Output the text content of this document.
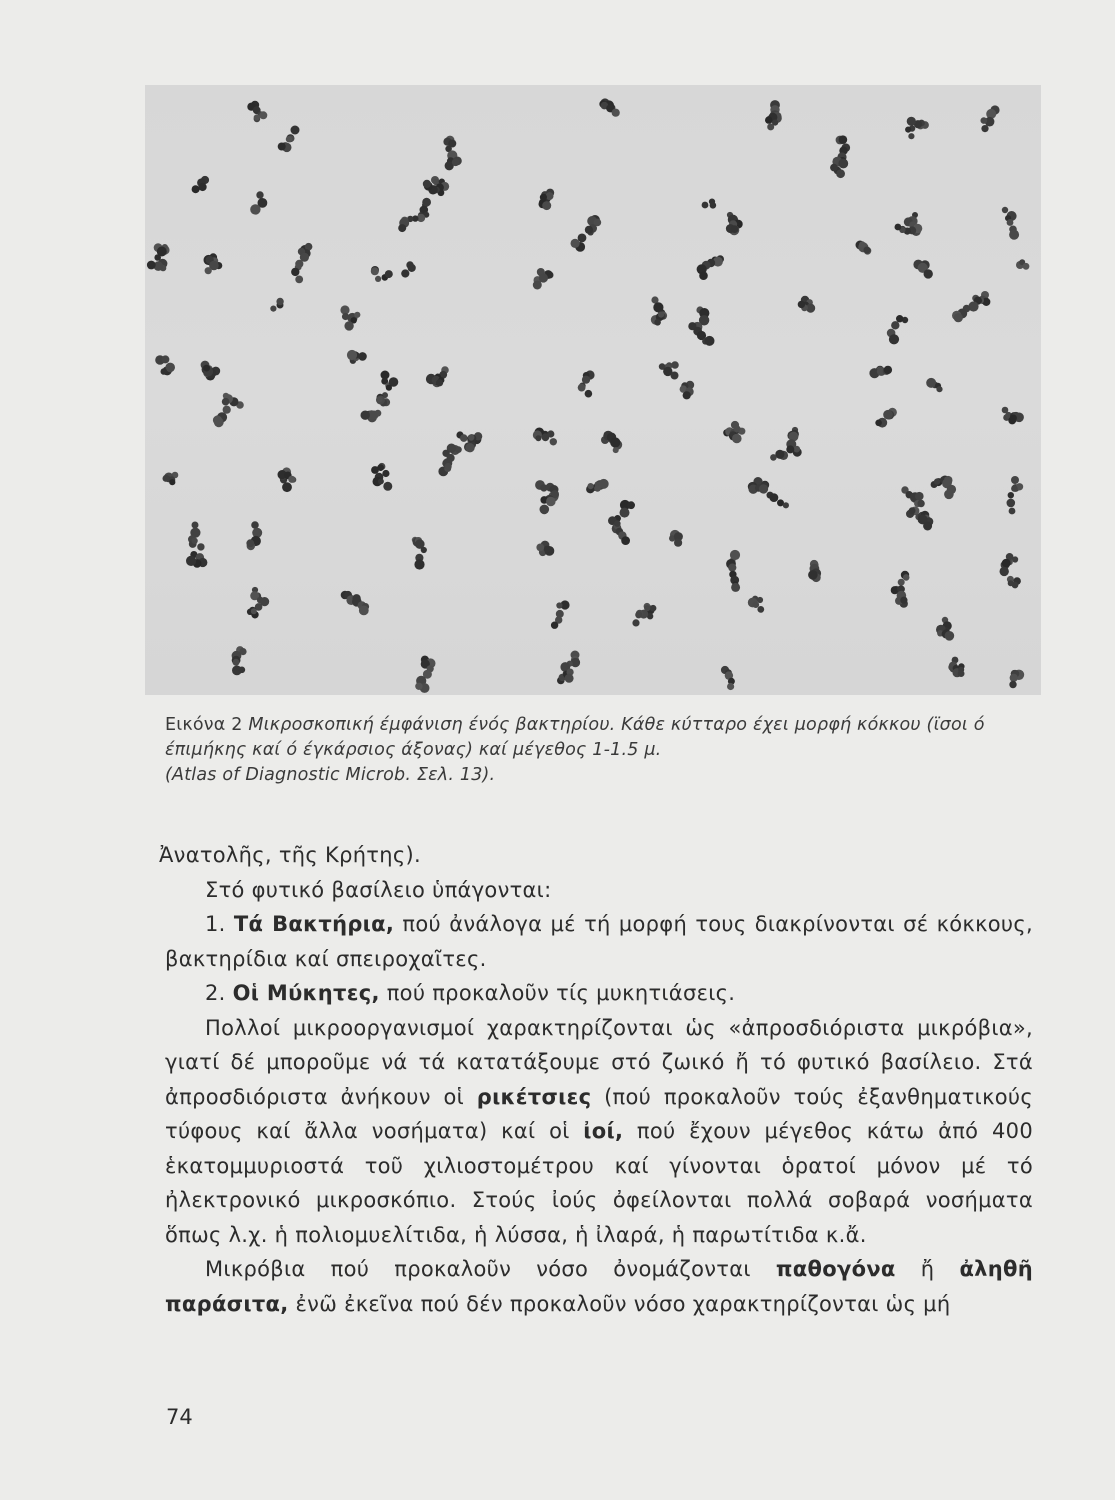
Εικόνα 2 Μικροσκοπική έμφάνιση ένός βακτηρίου. Κάθε κύτταρο έχει μορφή κόκκου (ϊσοι ό έπιμήκης καί ό έγκάρσιος άξονας) καί μέγεθος 1-1.5 μ.
(Atlas of Diagnostic Microb. Σελ. 13).

Ἀνατολῆς, τῆς Κρήτης).

Στό φυτικό βασίλειο ὑπάγονται:

1. Τά Βακτήρια, πού ἀνάλογα μέ τή μορφή τους διακρίνονται σέ κόκκους, βακτηρίδια καί σπειροχαῖτες.

2. Οἱ Μύκητες, πού προκαλοῦν τίς μυκητιάσεις.

Πολλοί μικροοργανισμοί χαρακτηρίζονται ὡς «ἀπροσδιόριστα μικρόβια», γιατί δέ μποροῦμε νά τά κατατάξουμε στό ζωικό ἤ τό φυτικό βασίλειο. Στά ἀπροσδιόριστα ἀνήκουν οἱ ρικέτσιες (πού προκαλοῦν τούς ἐξανθηματικούς τύφους καί ἄλλα νοσήματα) καί οἱ ἰοί, πού ἔχουν μέγεθος κάτω ἀπό 400 ἑκατομμυριοστά τοῦ χιλιοστομέτρου καί γίνονται ὁρατοί μόνον μέ τό ἠλεκτρονικό μικροσκόπιο. Στούς ἰούς ὀφείλονται πολλά σοβαρά νοσήματα ὅπως λ.χ. ἡ πολιομυελίτιδα, ἡ λύσσα, ἡ ἰλαρά, ἡ παρωτίτιδα κ.ἄ.

Μικρόβια πού προκαλοῦν νόσο ὀνομάζονται παθογόνα ἤ ἀληθῆ παράσιτα, ἐνῶ ἐκεῖνα πού δέν προκαλοῦν νόσο χαρακτηρίζονται ὡς μή

74
